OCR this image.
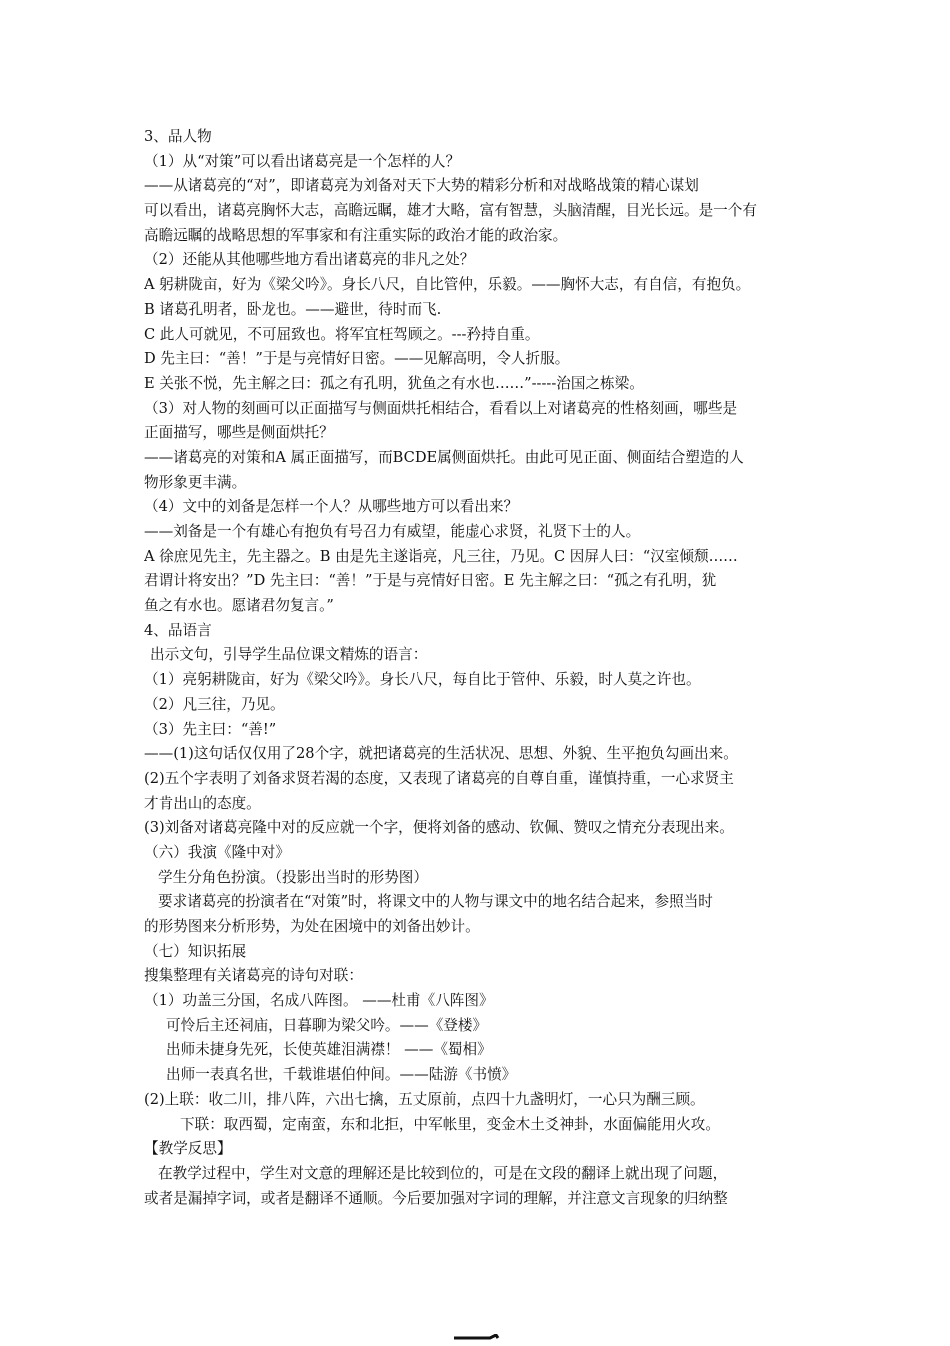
3、品人物
（1）从“对策”可以看出诸葛亮是一个怎样的人？
——从诸葛亮的“对”，即诸葛亮为刘备对天下大势的精彩分析和对战略战策的精心谋划
可以看出，诸葛亮胸怀大志，高瞻远瞩，雄才大略，富有智慧，头脑清醒，目光长远。是一个有
高瞻远瞩的战略思想的军事家和有注重实际的政治才能的政治家。
（2）还能从其他哪些地方看出诸葛亮的非凡之处？
A 躬耕陇亩，好为《梁父吟》。身长八尺，自比管仲，乐毅。——胸怀大志，有自信，有抱负。
B 诸葛孔明者，卧龙也。——避世，待时而飞.
C 此人可就见，不可屈致也。将军宜枉驾顾之。---矜持自重。
D 先主曰：“善！”于是与亮情好日密。——见解高明，令人折服。
E 关张不悦，先主解之曰：孤之有孔明，犹鱼之有水也……”-----治国之栋梁。
（3）对人物的刻画可以正面描写与侧面烘托相结合，看看以上对诸葛亮的性格刻画，哪些是
正面描写，哪些是侧面烘托？
——诸葛亮的对策和A 属正面描写，而BCDE属侧面烘托。由此可见正面、侧面结合塑造的人
物形象更丰满。
（4）文中的刘备是怎样一个人？从哪些地方可以看出来？
——刘备是一个有雄心有抱负有号召力有威望，能虚心求贤，礼贤下士的人。
A 徐庶见先主，先主器之。B 由是先主遂诣亮，凡三往，乃见。C 因屏人曰：“汉室倾颓……
君谓计将安出？”D 先主曰：“善！”于是与亮情好日密。E 先主解之曰：“孤之有孔明，犹
鱼之有水也。愿诸君勿复言。”
4、品语言
出示文句，引导学生品位课文精炼的语言：
（1）亮躬耕陇亩，好为《梁父吟》。身长八尺，每自比于管仲、乐毅，时人莫之许也。
（2）凡三往，乃见。
（3）先主曰：“善!”
——(1)这句话仅仅用了28个字，就把诸葛亮的生活状况、思想、外貌、生平抱负勾画出来。
(2)五个字表明了刘备求贤若渴的态度，又表现了诸葛亮的自尊自重，谨慎持重，一心求贤主
才肯出山的态度。
(3)刘备对诸葛亮隆中对的反应就一个字，便将刘备的感动、钦佩、赞叹之情充分表现出来。
（六）我演《隆中对》
学生分角色扮演。（投影出当时的形势图）
要求诸葛亮的扮演者在“对策”时，将课文中的人物与课文中的地名结合起来，参照当时
的形势图来分析形势，为处在困境中的刘备出妙计。
（七）知识拓展
搜集整理有关诸葛亮的诗句对联：
（1）功盖三分国，名成八阵图。 ——杜甫《八阵图》
可怜后主还祠庙，日暮聊为梁父吟。——《登楼》
出师未捷身先死，长使英雄泪满襟！ ——《蜀相》
出师一表真名世，千载谁堪伯仲间。——陆游《书愤》
(2)上联：收二川，排八阵，六出七擒，五丈原前，点四十九盏明灯，一心只为酬三顾。
下联：取西蜀，定南蛮，东和北拒，中军帐里，变金木土爻神卦，水面偏能用火攻。
【教学反思】
在教学过程中，学生对文意的理解还是比较到位的，可是在文段的翻译上就出现了问题，
或者是漏掉字词，或者是翻译不通顺。今后要加强对字词的理解，并注意文言现象的归纳整
